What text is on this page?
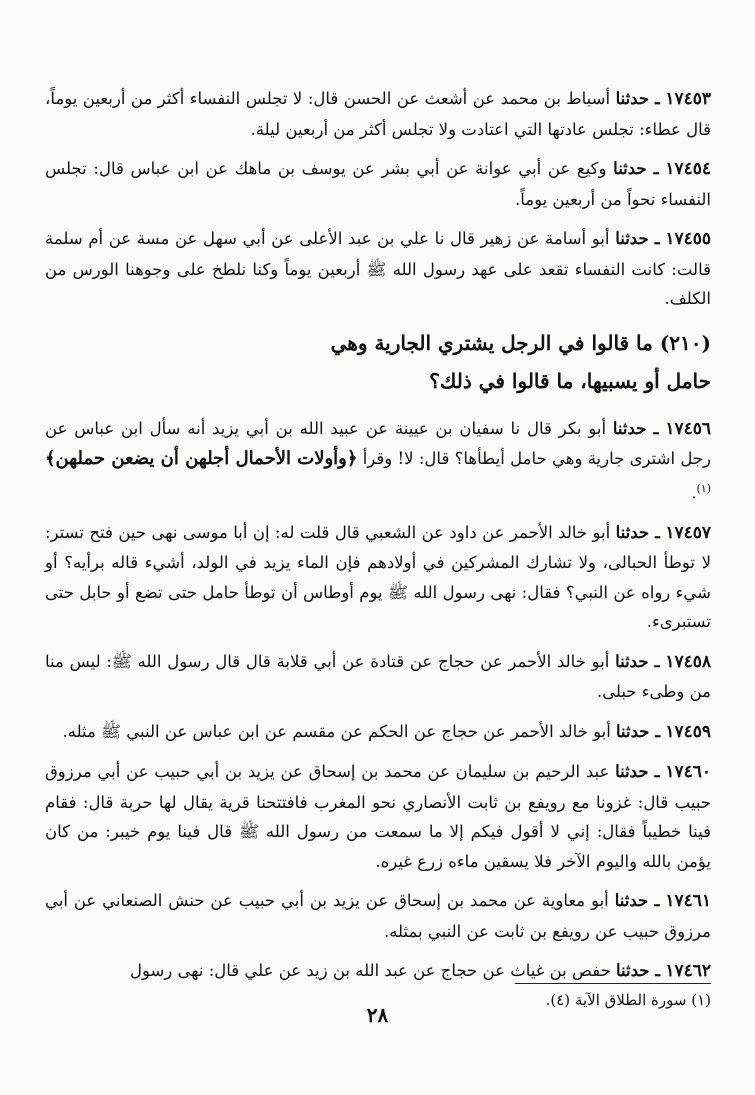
١٧٤٥٣ ـ حدثنا أسباط بن محمد عن أشعث عن الحسن قال: لا تجلس النفساء أكثر من أربعين يوماً، قال عطاء: تجلس عادتها التي اعتادت ولا تجلس أكثر من أربعين ليلة.

١٧٤٥٤ ـ حدثنا وكيع عن أبي عوانة عن أبي بشر عن يوسف بن ماهك عن ابن عباس قال: تجلس النفساء نحواً من أربعين يوماً.

١٧٤٥٥ ـ حدثنا أبو أسامة عن زهير قال نا علي بن عبد الأعلى عن أبي سهل عن مسة عن أم سلمة قالت: كانت النفساء تقعد على عهد رسول الله ﷺ أربعين يوماً وكنا نلطخ على وجوهنا الورس من الكلف.

(٢١٠) ما قالوا في الرجل يشتري الجارية وهي
حامل أو يسبيها، ما قالوا في ذلك؟

١٧٤٥٦ ـ حدثنا أبو بكر قال نا سفيان بن عيينة عن عبيد الله بن أبي يزيد أنه سأل ابن عباس عن رجل اشترى جارية وهي حامل أيطأها؟ قال: لا! وقرأ ﴿وأولات الأحمال أجلهن أن يضعن حملهن﴾$^{(١)}$.

١٧٤٥٧ ـ حدثنا أبو خالد الأحمر عن داود عن الشعبي قال قلت له: إن أبا موسى نهى حين فتح تستر: لا توطأ الحبالى، ولا تشارك المشركين في أولادهم فإن الماء يزيد في الولد، أشيء قاله برأيه؟ أو شيء رواه عن النبي؟ فقال: نهى رسول الله ﷺ يوم أوطاس أن توطأ حامل حتى تضع أو حابل حتى تستبرىء.

١٧٤٥٨ ـ حدثنا أبو خالد الأحمر عن حجاج عن قتادة عن أبي قلابة قال قال رسول الله ﷺ: ليس منا من وطىء حبلى.

١٧٤٥٩ ـ حدثنا أبو خالد الأحمر عن حجاج عن الحكم عن مقسم عن ابن عباس عن النبي ﷺ مثله.

١٧٤٦٠ ـ حدثنا عبد الرحيم بن سليمان عن محمد بن إسحاق عن يزيد بن أبي حبيب عن أبي مرزوق حبيب قال: غزونا مع رويفع بن ثابت الأنصاري نحو المغرب فافتتحنا قرية يقال لها حربة قال: فقام فينا خطيباً فقال: إني لا أقول فيكم إلا ما سمعت من رسول الله ﷺ قال فينا يوم خيبر: من كان يؤمن بالله واليوم الآخر فلا يسقين ماءه زرع غيره.

١٧٤٦١ ـ حدثنا أبو معاوية عن محمد بن إسحاق عن يزيد بن أبي حبيب عن حنش الصنعاني عن أبي مرزوق حبيب عن رويفع بن ثابت عن النبي بمثله.

١٧٤٦٢ ـ حدثنا حفص بن غياث عن حجاج عن عبد الله بن زيد عن علي قال: نهى رسول

(١) سورة الطلاق الآية (٤).
٢٨
